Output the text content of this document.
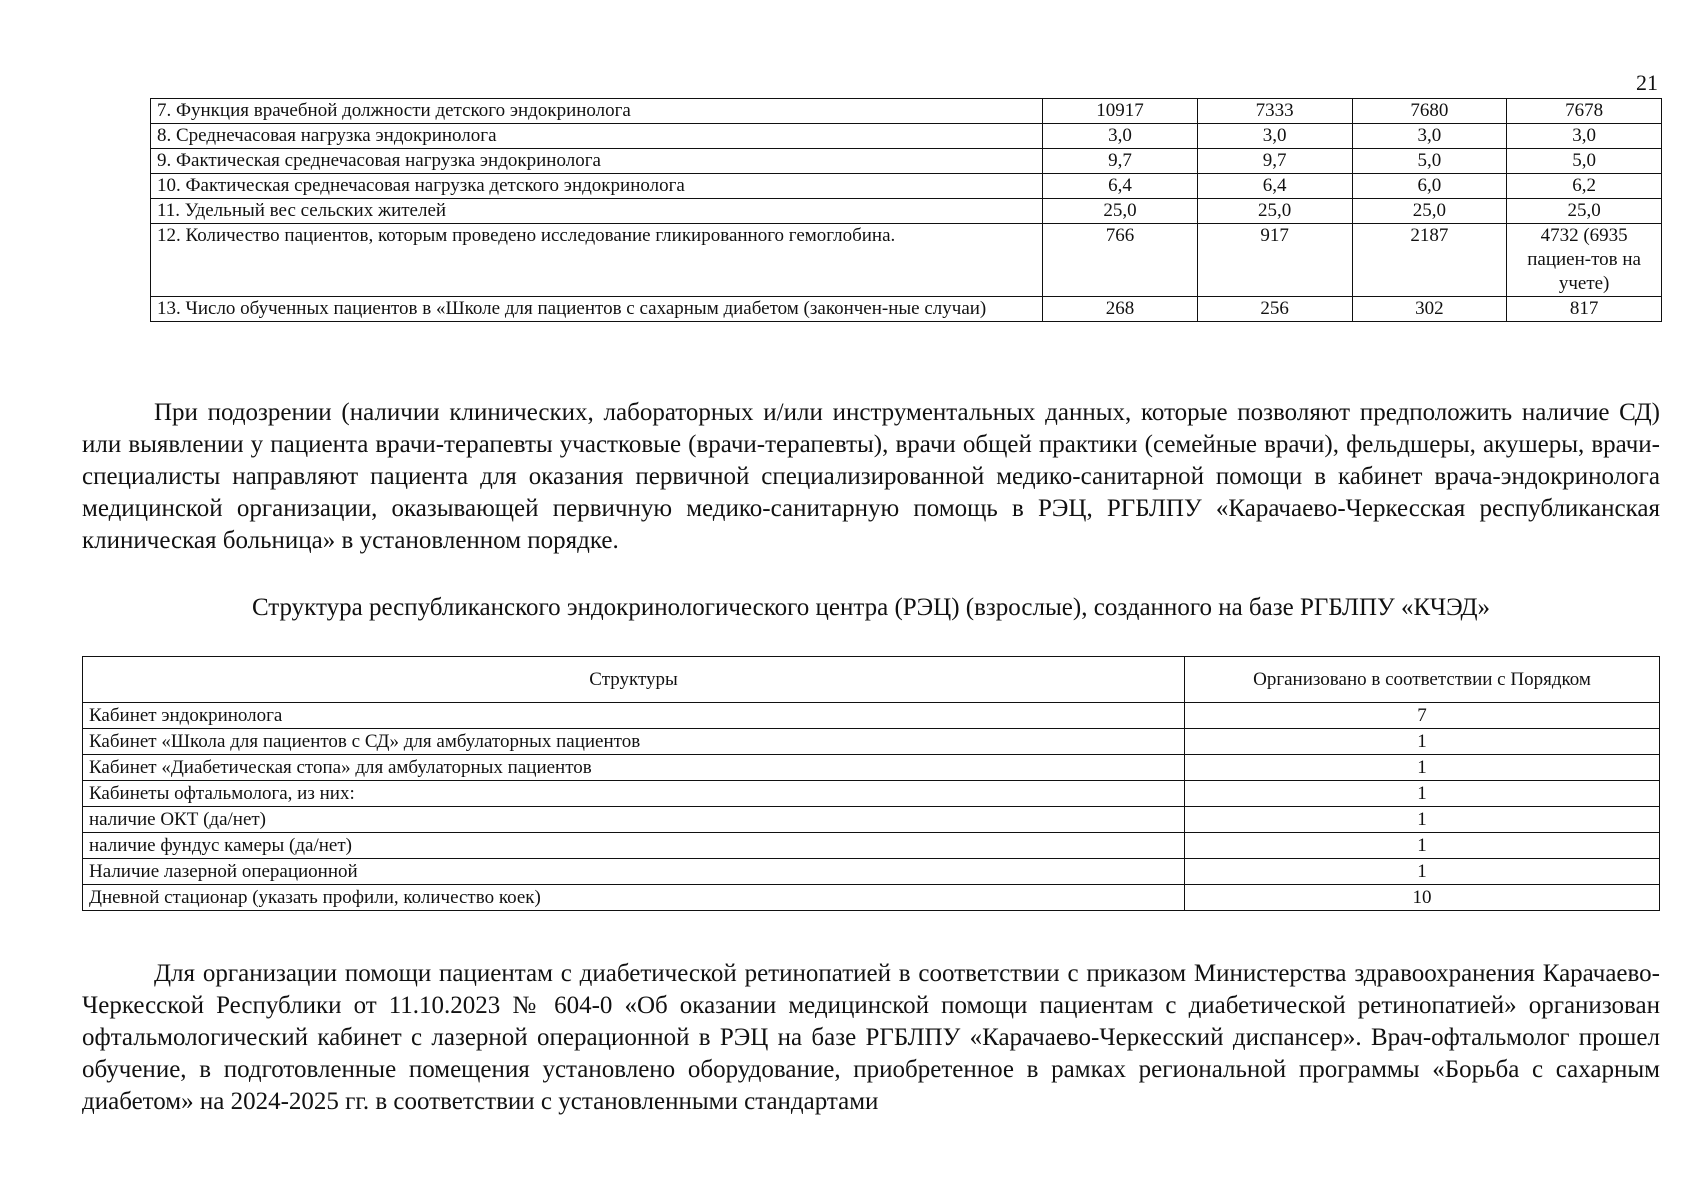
21
7. Функция врачебной должности детского эндокринолога	10917	7333	7680	7678
8. Среднечасовая нагрузка эндокринолога	3,0	3,0	3,0	3,0
9. Фактическая среднечасовая нагрузка эндокринолога	9,7	9,7	5,0	5,0
10. Фактическая среднечасовая нагрузка детского эндокринолога	6,4	6,4	6,0	6,2
11. Удельный вес сельских жителей	25,0	25,0	25,0	25,0
12. Количество пациентов, которым проведено исследование гликированного гемоглобина.	766	917	2187	4732 (6935 пациен-тов на учете)
13. Число обученных пациентов в «Школе для пациентов с сахарным диабетом (закончен-ные случаи)	268	256	302	817

При подозрении (наличии клинических, лабораторных и/или инструментальных данных, которые позволяют предположить наличие СД) или выявлении у пациента врачи-терапевты участковые (врачи-терапевты), врачи общей практики (семейные врачи), фельдшеры, акушеры, врачи-специалисты направляют пациента для оказания первичной специализированной медико-санитарной помощи в кабинет врача-эндокринолога медицинской организации, оказывающей первичную медико-санитарную помощь в РЭЦ, РГБЛПУ «Карачаево-Черкесская республиканская клиническая больница» в установленном порядке.

Структура республиканского эндокринологического центра (РЭЦ) (взрослые), созданного на базе РГБЛПУ «КЧЭД»

Структуры	Организовано в соответствии с Порядком
Кабинет эндокринолога	7
Кабинет «Школа для пациентов с СД» для амбулаторных пациентов	1
Кабинет «Диабетическая стопа» для амбулаторных пациентов	1
Кабинеты офтальмолога, из них:	1
наличие ОКТ (да/нет)	1
наличие фундус камеры (да/нет)	1
Наличие лазерной операционной	1
Дневной стационар (указать профили, количество коек)	10

Для организации помощи пациентам с диабетической ретинопатией в соответствии с приказом Министерства здравоохранения Карачаево- Черкесской Республики от 11.10.2023 № 604-0 «Об оказании медицинской помощи пациентам с диабетической ретинопатией» организован офтальмологический кабинет с лазерной операционной в РЭЦ на базе РГБЛПУ «Карачаево-Черкесский диспансер». Врач-офтальмолог прошел обучение, в подготовленные помещения установлено оборудование, приобретенное в рамках региональной программы «Борьба с сахарным диабетом» на 2024-2025 гг. в соответствии с установленными стандартами
